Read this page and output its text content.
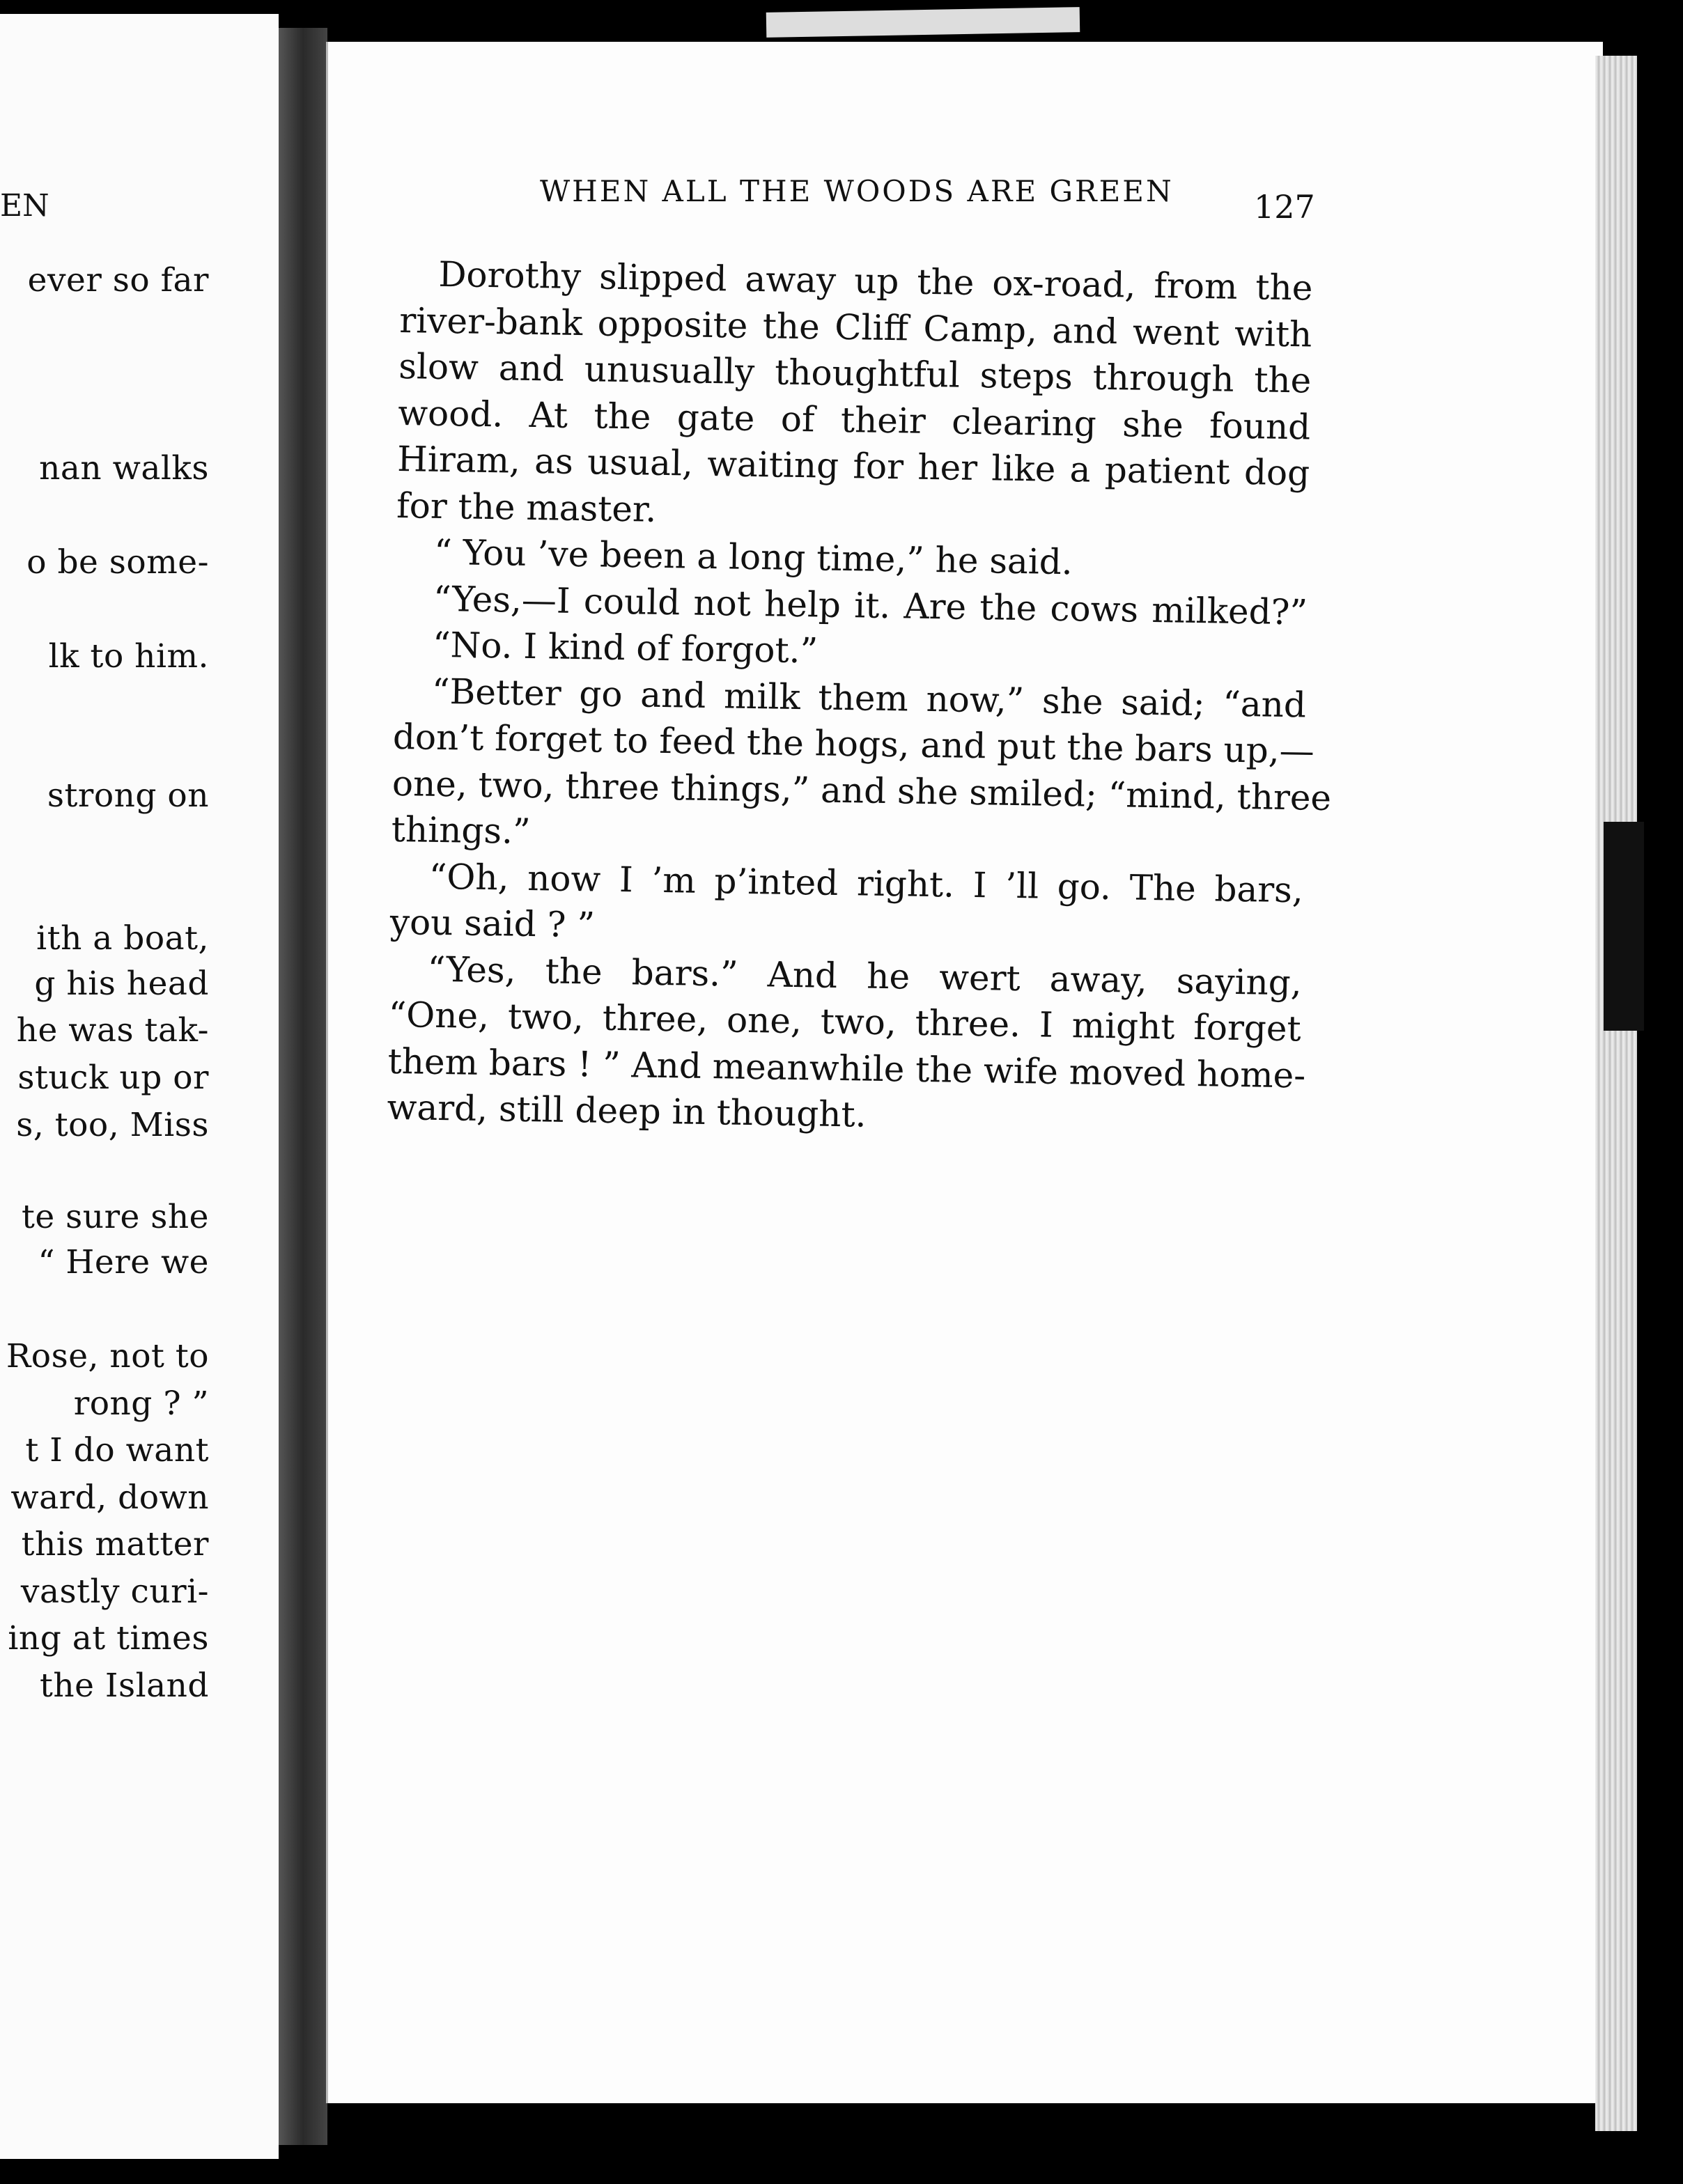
EN
ever so far
nan walks
o be some-
lk to him.
strong on
ith a boat,
g his head
he was tak-
stuck up or
s, too, Miss
te sure she
“ Here we
Rose, not to
rong ? ”
t I do want
ward, down
this matter
vastly curi-
ing at times
the Island
WHEN ALL THE WOODS ARE GREEN	127
Dorothy slipped away up the ox-road, from the
river-bank opposite the Cliff Camp, and went with
slow and unusually thoughtful steps through the
wood. At the gate of their clearing she found
Hiram, as usual, waiting for her like a patient dog
for the master.
“ You ’ve been a long time,” he said.
“Yes,—I could not help it. Are the cows milked?”
“No. I kind of forgot.”
“Better go and milk them now,” she said; “and
don’t forget to feed the hogs, and put the bars up,—
one, two, three things,” and she smiled; “mind, three
things.”
“Oh, now I ’m p’inted right. I ’ll go. The bars,
you said ? ”
“Yes, the bars.” And he wert away, saying,
“One, two, three, one, two, three. I might forget
them bars ! ” And meanwhile the wife moved home-
ward, still deep in thought.
